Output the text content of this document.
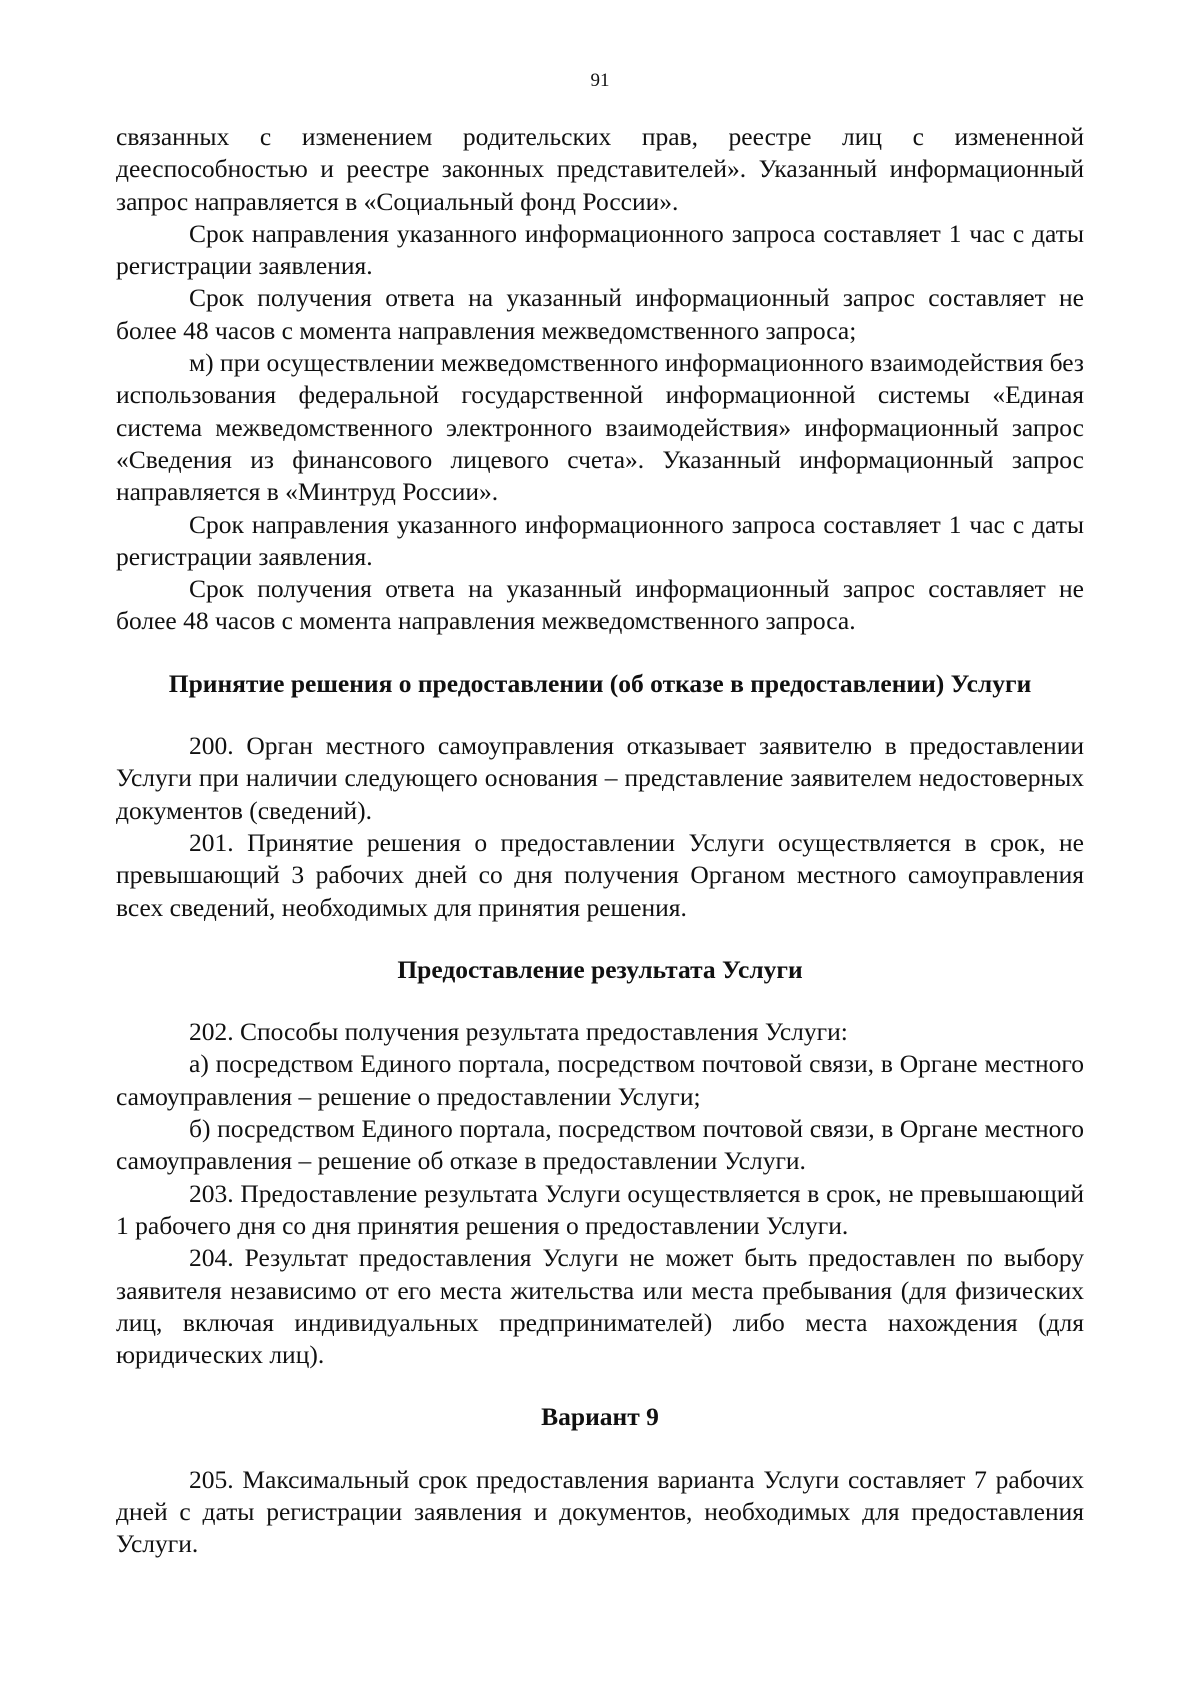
91

связанных с изменением родительских прав, реестре лиц с измененной дееспособностью и реестре законных представителей». Указанный информационный запрос направляется в «Социальный фонд России».

Срок направления указанного информационного запроса составляет 1 час с даты регистрации заявления.

Срок получения ответа на указанный информационный запрос составляет не более 48 часов с момента направления межведомственного запроса;

м) при осуществлении межведомственного информационного взаимодействия без использования федеральной государственной информационной системы «Единая система межведомственного электронного взаимодействия» информационный запрос «Сведения из финансового лицевого счета». Указанный информационный запрос направляется в «Минтруд России».

Срок направления указанного информационного запроса составляет 1 час с даты регистрации заявления.

Срок получения ответа на указанный информационный запрос составляет не более 48 часов с момента направления межведомственного запроса.

Принятие решения о предоставлении (об отказе в предоставлении) Услуги

200. Орган местного самоуправления отказывает заявителю в предоставлении Услуги при наличии следующего основания – представление заявителем недостоверных документов (сведений).

201. Принятие решения о предоставлении Услуги осуществляется в срок, не превышающий 3 рабочих дней со дня получения Органом местного самоуправления всех сведений, необходимых для принятия решения.

Предоставление результата Услуги

202. Способы получения результата предоставления Услуги:

а) посредством Единого портала, посредством почтовой связи, в Органе местного самоуправления – решение о предоставлении Услуги;

б) посредством Единого портала, посредством почтовой связи, в Органе местного самоуправления – решение об отказе в предоставлении Услуги.

203. Предоставление результата Услуги осуществляется в срок, не превышающий 1 рабочего дня со дня принятия решения о предоставлении Услуги.

204. Результат предоставления Услуги не может быть предоставлен по выбору заявителя независимо от его места жительства или места пребывания (для физических лиц, включая индивидуальных предпринимателей) либо места нахождения (для юридических лиц).

Вариант 9

205. Максимальный срок предоставления варианта Услуги составляет 7 рабочих дней с даты регистрации заявления и документов, необходимых для предоставления Услуги.
